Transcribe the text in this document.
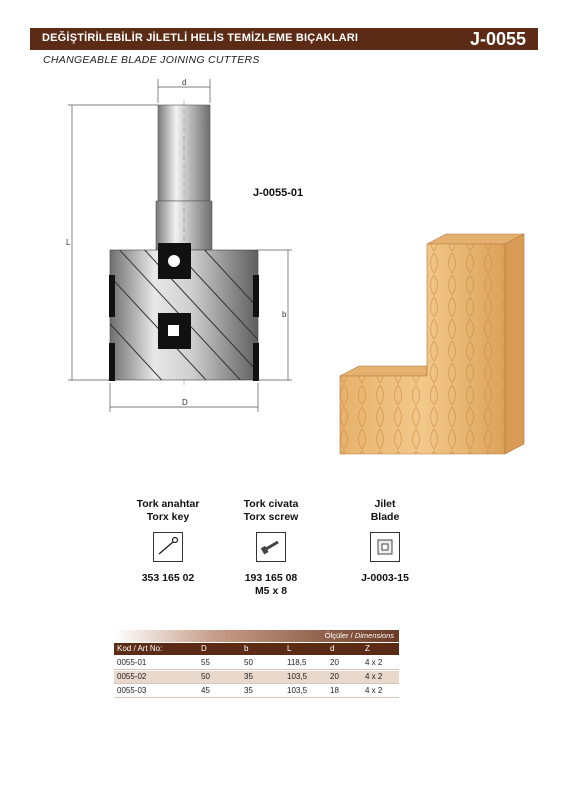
DEĞİŞTİRİLEBİLİR JİLETLİ HELİS TEMİZLEME BIÇAKLARI	J-0055
CHANGEABLE BLADE JOINING CUTTERS
d
L
b
D
J-0055-01
Tork anahtar
Torx key
353 165 02
Tork civata
Torx screw
193 165 08
M5 x 8
Jilet
Blade
J-0003-15
Ölçüler / Dimensions
Kod / Art No:	D	b	L	d	Z
0055-01	55	50	118,5	20	4 x 2
0055-02	50	35	103,5	20	4 x 2
0055-03	45	35	103,5	18	4 x 2
